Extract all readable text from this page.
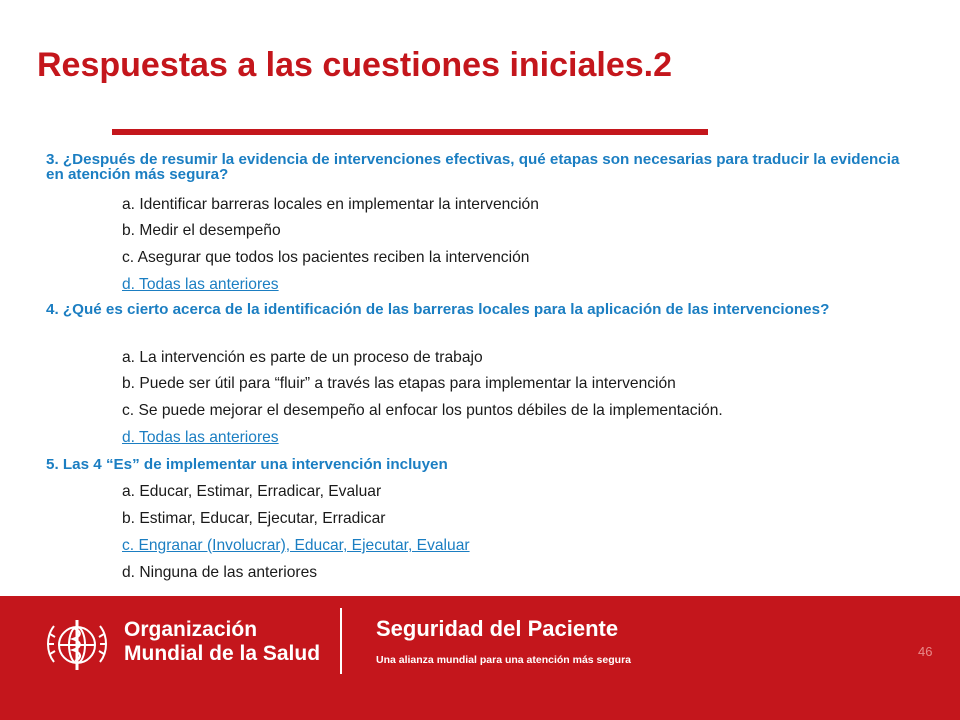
Respuestas a las cuestiones iniciales.2
3. ¿Después de resumir la evidencia de intervenciones efectivas, qué etapas son necesarias para traducir la evidencia en atención más segura?
a. Identificar barreras locales en implementar la intervención
b. Medir el desempeño
c. Asegurar que todos los pacientes reciben la intervención
d. Todas las anteriores
4. ¿Qué es cierto acerca de la identificación de las barreras locales para la aplicación de las intervenciones?
a. La intervención es parte de un proceso de trabajo
b. Puede ser útil para “fluir” a través las etapas para implementar la intervención
c. Se puede mejorar el desempeño al enfocar los puntos débiles de la implementación.
d. Todas las anteriores
5. Las 4 “Es” de implementar una intervención incluyen
a. Educar, Estimar, Erradicar, Evaluar
b. Estimar, Educar, Ejecutar, Erradicar
c. Engranar (Involucrar), Educar, Ejecutar, Evaluar
d. Ninguna de las anteriores
Organización
Mundial de la Salud
Seguridad del Paciente
Una alianza mundial para una atención más segura
46
